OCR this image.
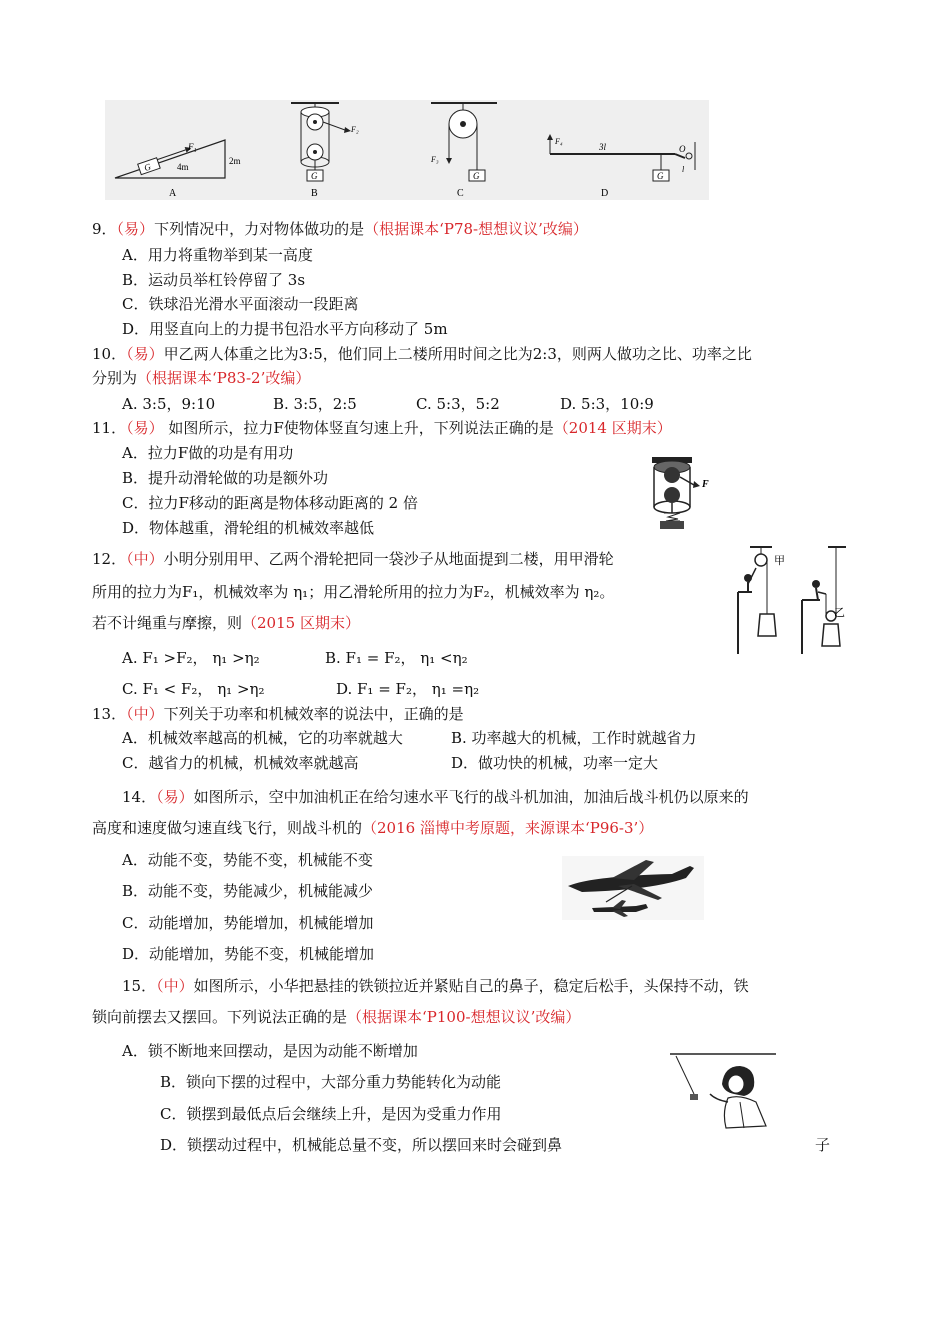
G
F₁
4m
2m
A
F₂
G
B
F₃
G
C
F₄
3l	O
l
G
D
9．（易）下列情况中，力对物体做功的是（根据课本‘P78-想想议议’改编）
A．用力将重物举到某一高度
B．运动员举杠铃停留了 3s
C．铁球沿光滑水平面滚动一段距离
D．用竖直向上的力提书包沿水平方向移动了 5m
10．（易）甲乙两人体重之比为3:5，他们同上二楼所用时间之比为2:3，则两人做功之比、功率之比
分别为（根据课本‘P83-2’改编）
A. 3:5，9:10	B. 3:5，2:5	C. 5:3，5:2	D. 5:3，10:9
11．（易） 如图所示，拉力F使物体竖直匀速上升，下列说法正确的是（2014 区期末）
A．拉力F做的功是有用功
B．提升动滑轮做的功是额外功
C．拉力F移动的距离是物体移动距离的 2 倍
D．物体越重，滑轮组的机械效率越低
F
12．（中）小明分别用甲、乙两个滑轮把同一袋沙子从地面提到二楼，用甲滑轮
所用的拉力为F₁，机械效率为 η₁；用乙滑轮所用的拉力为F₂，机械效率为 η₂。
若不计绳重与摩擦，则（2015 区期末）
A. F₁ >F₂， η₁ >η₂	B. F₁ = F₂， η₁ <η₂
C. F₁ < F₂， η₁ >η₂	D. F₁ = F₂， η₁ =η₂
甲
乙
13．（中）下列关于功率和机械效率的说法中，正确的是
A．机械效率越高的机械，它的功率就越大	B. 功率越大的机械，工作时就越省力
C．越省力的机械，机械效率就越高	D．做功快的机械，功率一定大
14．（易）如图所示，空中加油机正在给匀速水平飞行的战斗机加油，加油后战斗机仍以原来的
高度和速度做匀速直线飞行，则战斗机的（2016 淄博中考原题，来源课本‘P96-3’）
A．动能不变，势能不变，机械能不变
B．动能不变，势能减少，机械能减少
C．动能增加，势能增加，机械能增加
D．动能增加，势能不变，机械能增加
15．（中）如图所示，小华把悬挂的铁锁拉近并紧贴自己的鼻子，稳定后松手，头保持不动，铁
锁向前摆去又摆回。下列说法正确的是（根据课本‘P100-想想议议’改编）
A．锁不断地来回摆动，是因为动能不断增加
B．锁向下摆的过程中，大部分重力势能转化为动能
C．锁摆到最低点后会继续上升，是因为受重力作用
D．锁摆动过程中，机械能总量不变，所以摆回来时会碰到鼻	子
